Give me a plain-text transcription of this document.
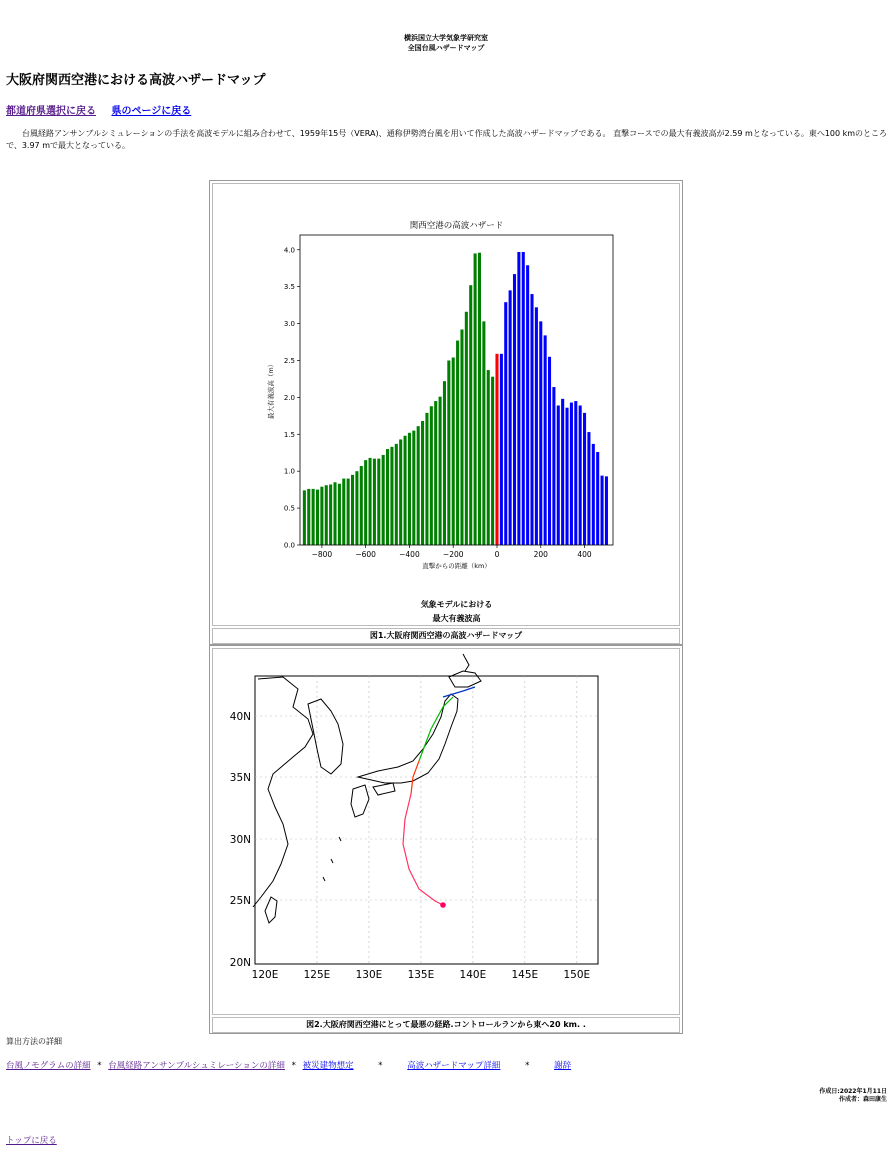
横浜国立大学気象学研究室
全国台風ハザードマップ
大阪府関西空港における高波ハザードマップ
都道府県選択に戻る 県のページに戻る

台風経路アンサンブルシミュレーションの手法を高波モデルに組み合わせて、1959年15号（VERA)、通称伊勢湾台風を用いて作成した高波ハザードマップである。 直撃コースでの最大有義波高が2.59 mとなっている。東へ100 kmのところで、3.97 mで最大となっている。

関西空港の高波ハザード
0.0
0.5
1.0
1.5
2.0
2.5
3.0
3.5
4.0
−800	−600	−400	−200	0	200	400
直撃からの距離（km）
最大有義波高（m）
気象モデルにおける
最大有義波高
図1.大阪府関西空港の高波ハザードマップ
120E 125E 130E 135E 140E 145E 150E
40N
35N
30N
25N
20N
図2.大阪府関西空港にとって最悪の経路.コントロールランから東へ20 km. .
算出方法の詳細
台風ノモグラムの詳細 * 台風経路アンサンブルシュミレーションの詳細 * 被災建物想定	*	高波ハザードマップ詳細	*	謝辞
作成日:2022年1月11日
作成者：森田康生
トップに戻る
